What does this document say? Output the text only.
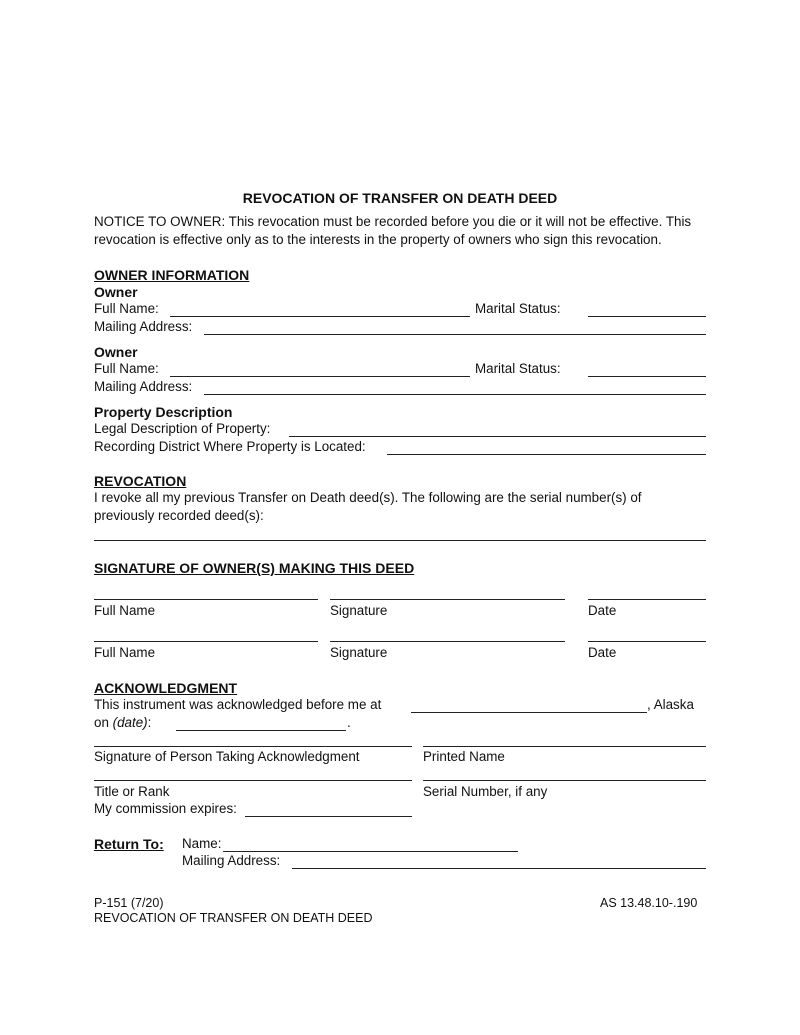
REVOCATION OF TRANSFER ON DEATH DEED
NOTICE TO OWNER: This revocation must be recorded before you die or it will not be effective. This
revocation is effective only as to the interests in the property of owners who sign this revocation.
OWNER INFORMATION
Owner
Full Name:	Marital Status:
Mailing Address:
Owner
Full Name:	Marital Status:
Mailing Address:
Property Description
Legal Description of Property:
Recording District Where Property is Located:
REVOCATION
I revoke all my previous Transfer on Death deed(s). The following are the serial number(s) of
previously recorded deed(s):
SIGNATURE OF OWNER(S) MAKING THIS DEED
Full Name	Signature	Date
Full Name	Signature	Date
ACKNOWLEDGMENT
This instrument was acknowledged before me at	, Alaska
on (date):	.
Signature of Person Taking Acknowledgment	Printed Name
Title or Rank	Serial Number, if any
My commission expires:
Return To: Name:
Mailing Address:
P-151 (7/20)
REVOCATION OF TRANSFER ON DEATH DEED
AS 13.48.10-.190
